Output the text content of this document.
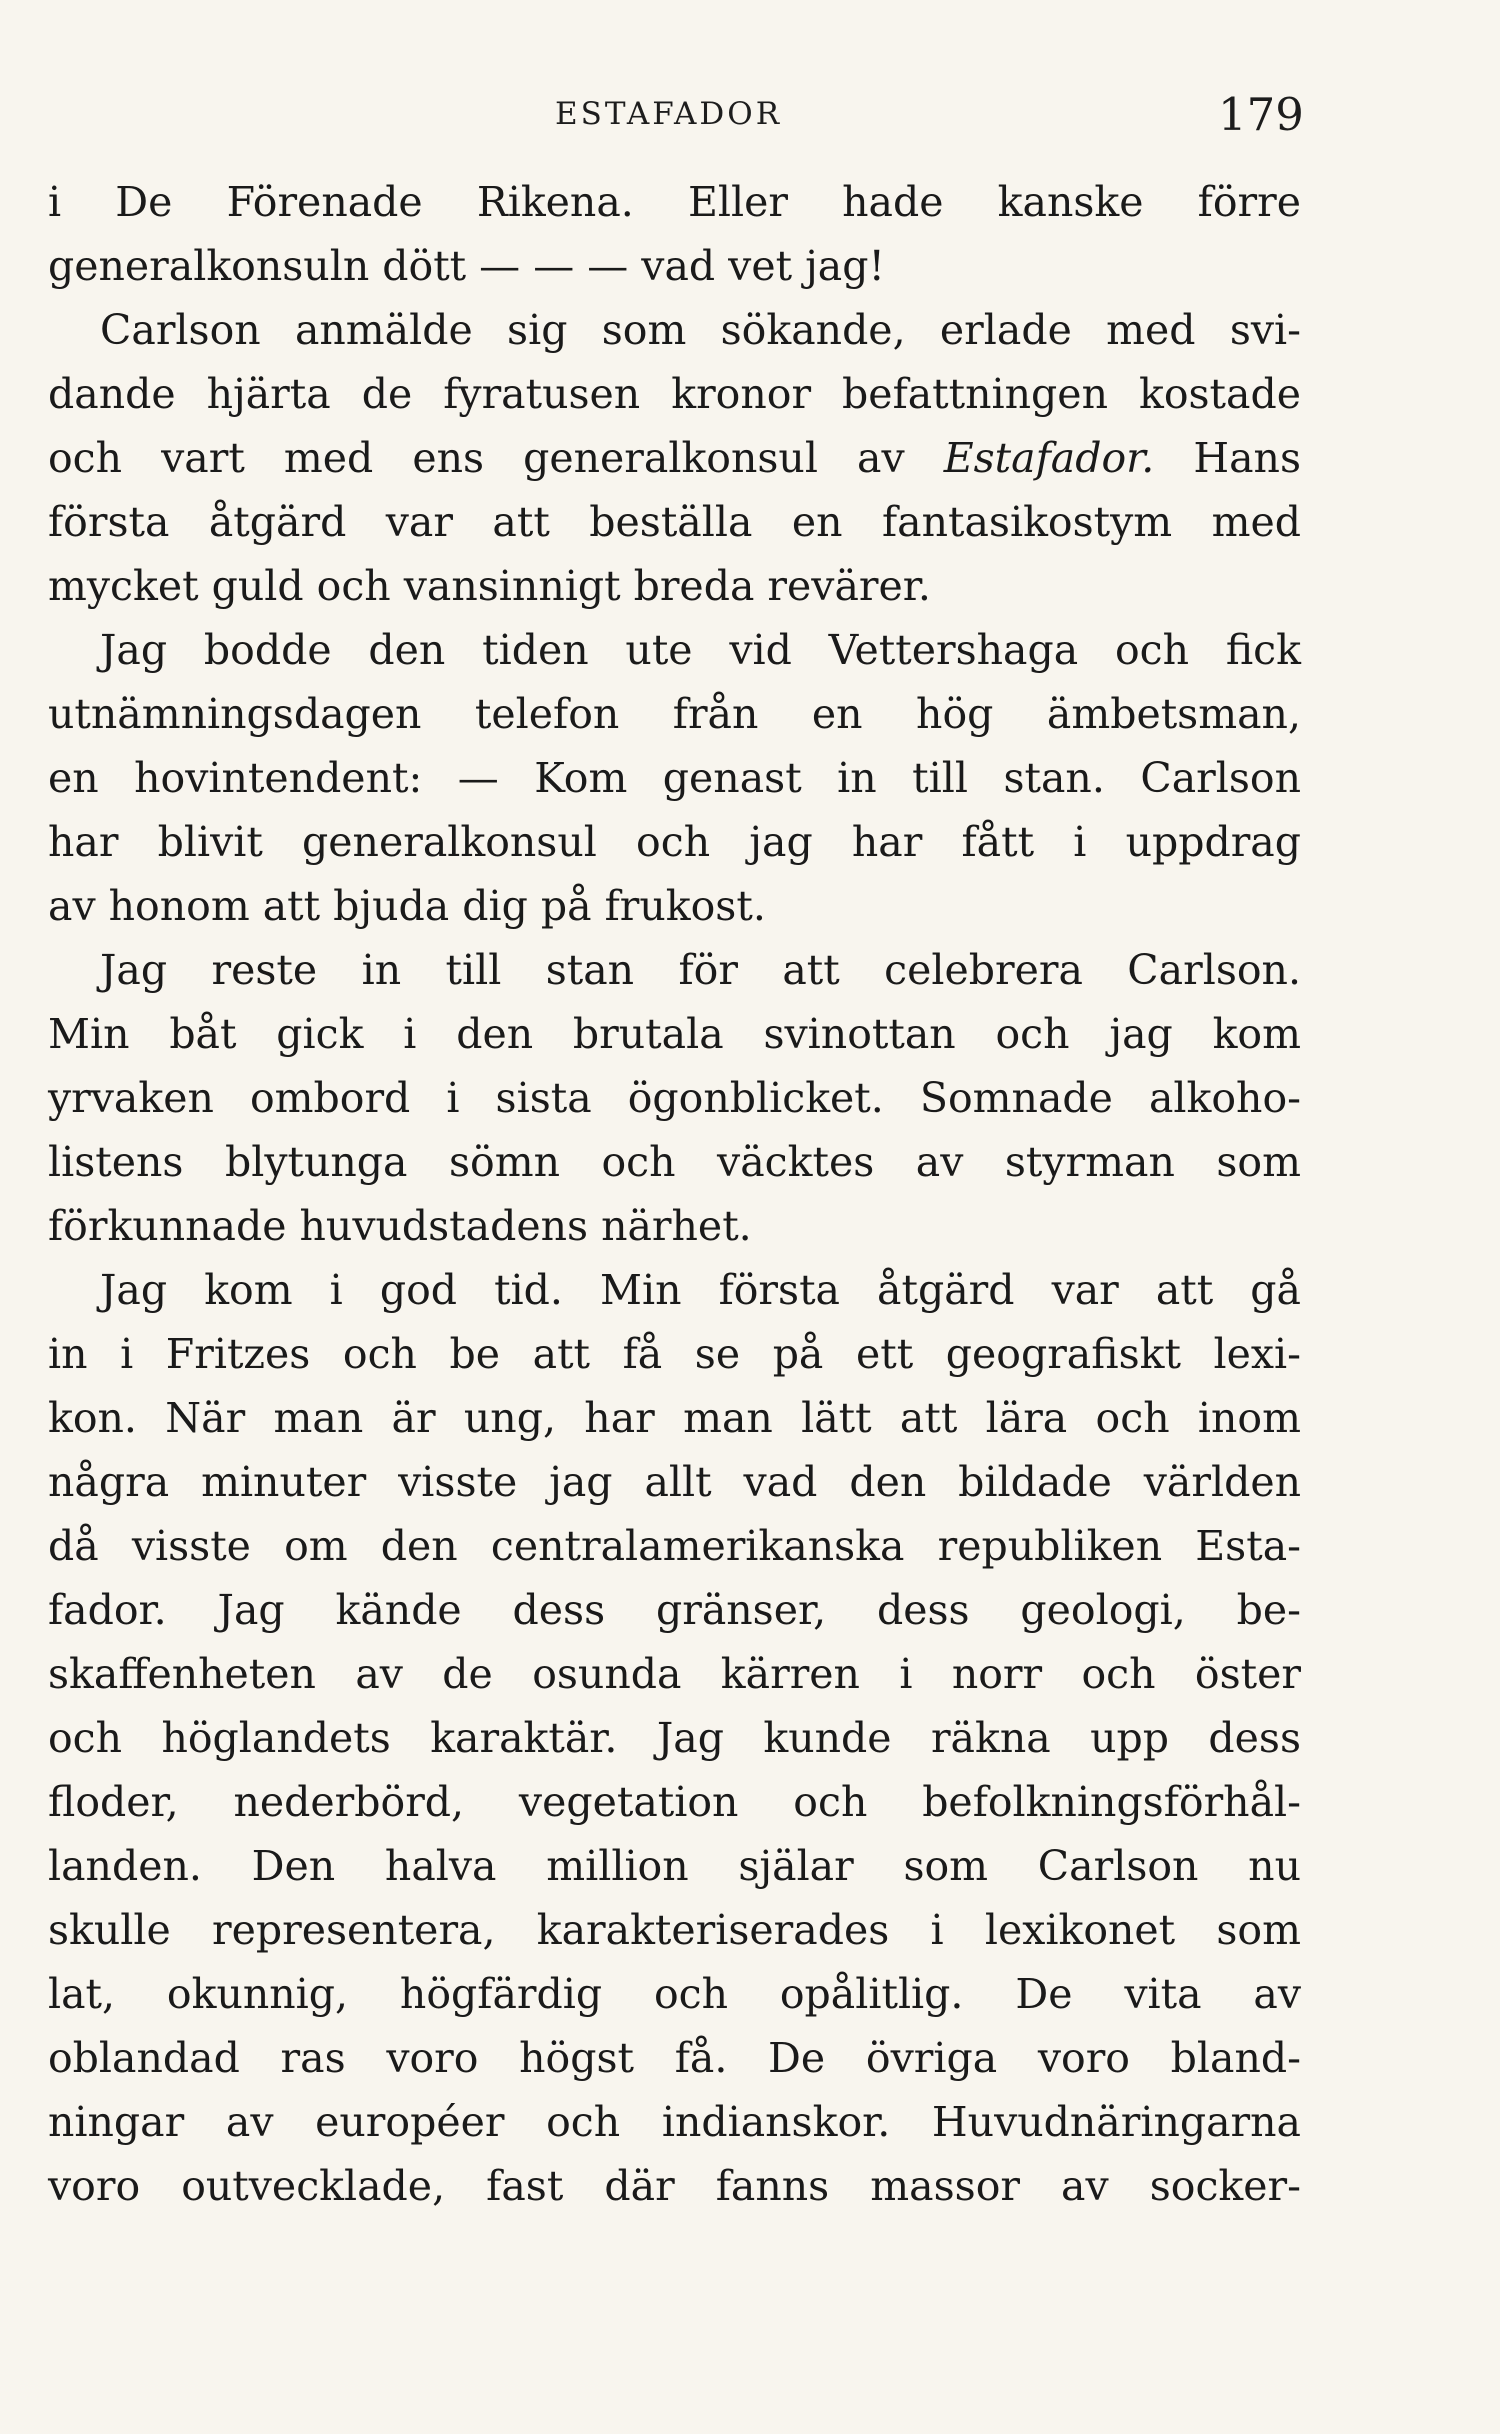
ESTAFADOR	179
i De Förenade Rikena. Eller hade kanske förre
generalkonsuln dött — — — vad vet jag!
Carlson anmälde sig som sökande, erlade med svi-
dande hjärta de fyratusen kronor befattningen kostade
och vart med ens generalkonsul av Estafador. Hans
första åtgärd var att beställa en fantasikostym med
mycket guld och vansinnigt breda revärer.
Jag bodde den tiden ute vid Vettershaga och fick
utnämningsdagen telefon från en hög ämbetsman,
en hovintendent: — Kom genast in till stan. Carlson
har blivit generalkonsul och jag har fått i uppdrag
av honom att bjuda dig på frukost.
Jag reste in till stan för att celebrera Carlson.
Min båt gick i den brutala svinottan och jag kom
yrvaken ombord i sista ögonblicket. Somnade alkoho-
listens blytunga sömn och väcktes av styrman som
förkunnade huvudstadens närhet.
Jag kom i god tid. Min första åtgärd var att gå
in i Fritzes och be att få se på ett geografiskt lexi-
kon. När man är ung, har man lätt att lära och inom
några minuter visste jag allt vad den bildade världen
då visste om den centralamerikanska republiken Esta-
fador. Jag kände dess gränser, dess geologi, be-
skaffenheten av de osunda kärren i norr och öster
och höglandets karaktär. Jag kunde räkna upp dess
floder, nederbörd, vegetation och befolkningsförhål-
landen. Den halva million själar som Carlson nu
skulle representera, karakteriserades i lexikonet som
lat, okunnig, högfärdig och opålitlig. De vita av
oblandad ras voro högst få. De övriga voro bland-
ningar av européer och indianskor. Huvudnäringarna
voro outvecklade, fast där fanns massor av socker-
